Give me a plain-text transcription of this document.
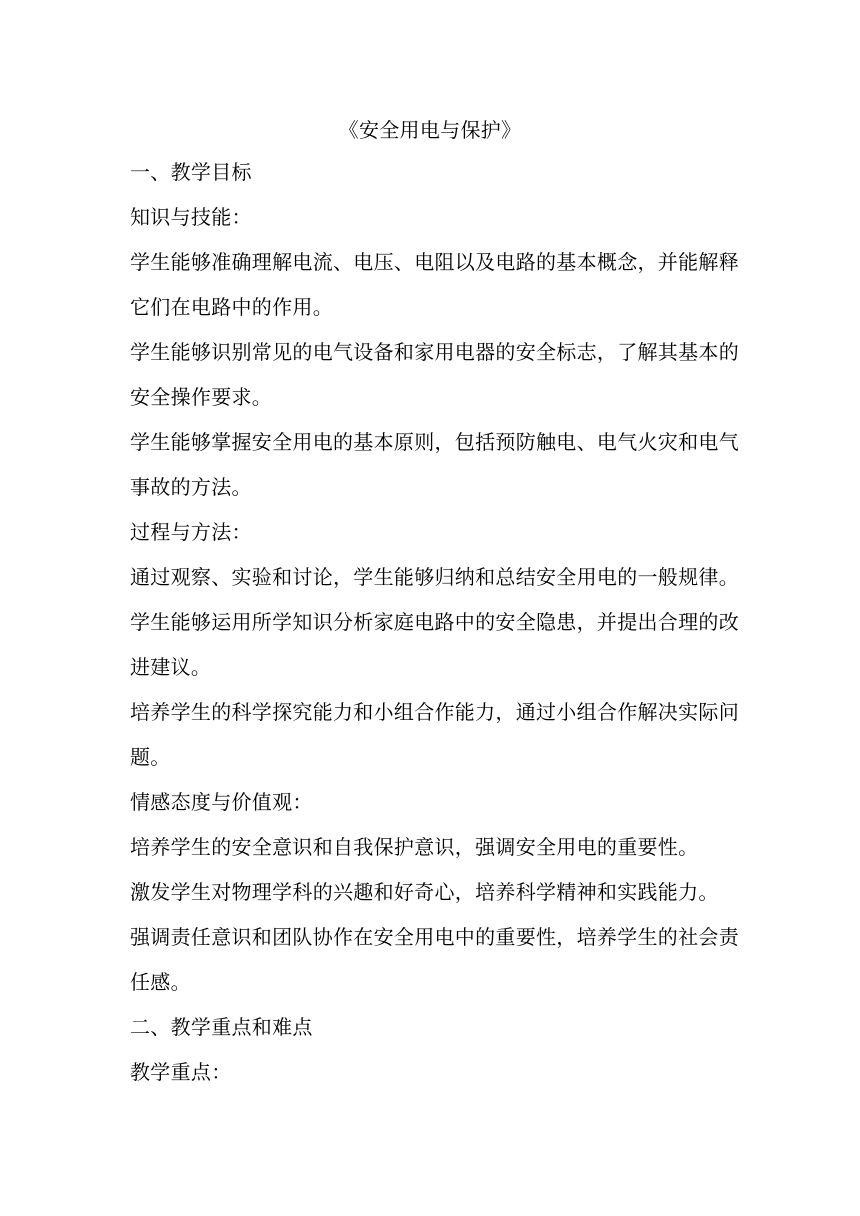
《安全用电与保护》
一、教学目标
知识与技能：
学生能够准确理解电流、电压、电阻以及电路的基本概念，并能解释
它们在电路中的作用。
学生能够识别常见的电气设备和家用电器的安全标志，了解其基本的
安全操作要求。
学生能够掌握安全用电的基本原则，包括预防触电、电气火灾和电气
事故的方法。
过程与方法：
通过观察、实验和讨论，学生能够归纳和总结安全用电的一般规律。
学生能够运用所学知识分析家庭电路中的安全隐患，并提出合理的改
进建议。
培养学生的科学探究能力和小组合作能力，通过小组合作解决实际问
题。
情感态度与价值观：
培养学生的安全意识和自我保护意识，强调安全用电的重要性。
激发学生对物理学科的兴趣和好奇心，培养科学精神和实践能力。
强调责任意识和团队协作在安全用电中的重要性，培养学生的社会责
任感。
二、教学重点和难点
教学重点：
